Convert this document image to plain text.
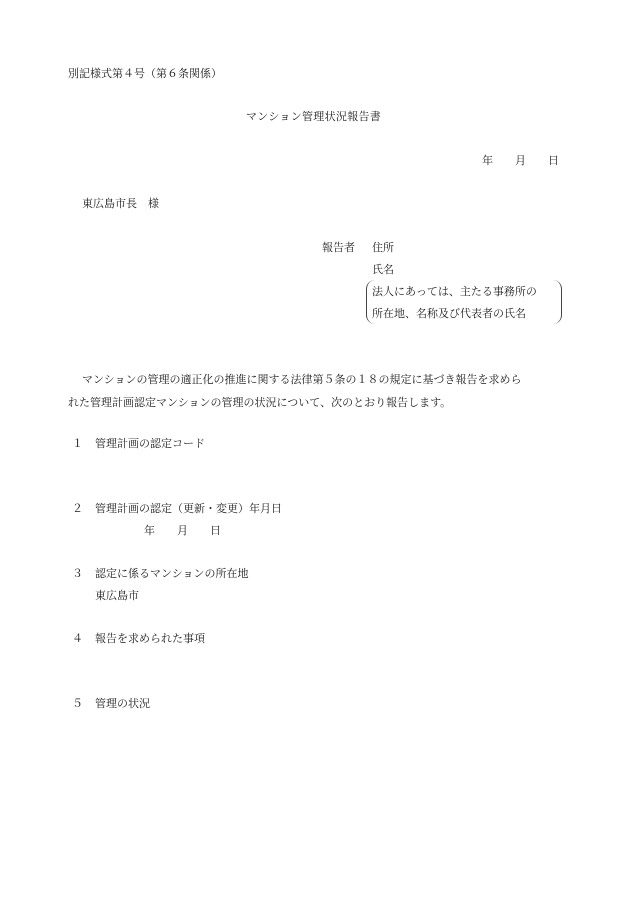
別記様式第４号（第６条関係）
マンション管理状況報告書
年　　月　　日
東広島市長　様
報告者 住所
氏名
法人にあっては、主たる事務所の
所在地、名称及び代表者の氏名
マンションの管理の適正化の推進に関する法律第５条の１８の規定に基づき報告を求めら
れた管理計画認定マンションの管理の状況について、次のとおり報告します。
１ 管理計画の認定コード
２ 管理計画の認定（更新・変更）年月日
年　　月　　日
３ 認定に係るマンションの所在地
東広島市
４ 報告を求められた事項
５ 管理の状況
